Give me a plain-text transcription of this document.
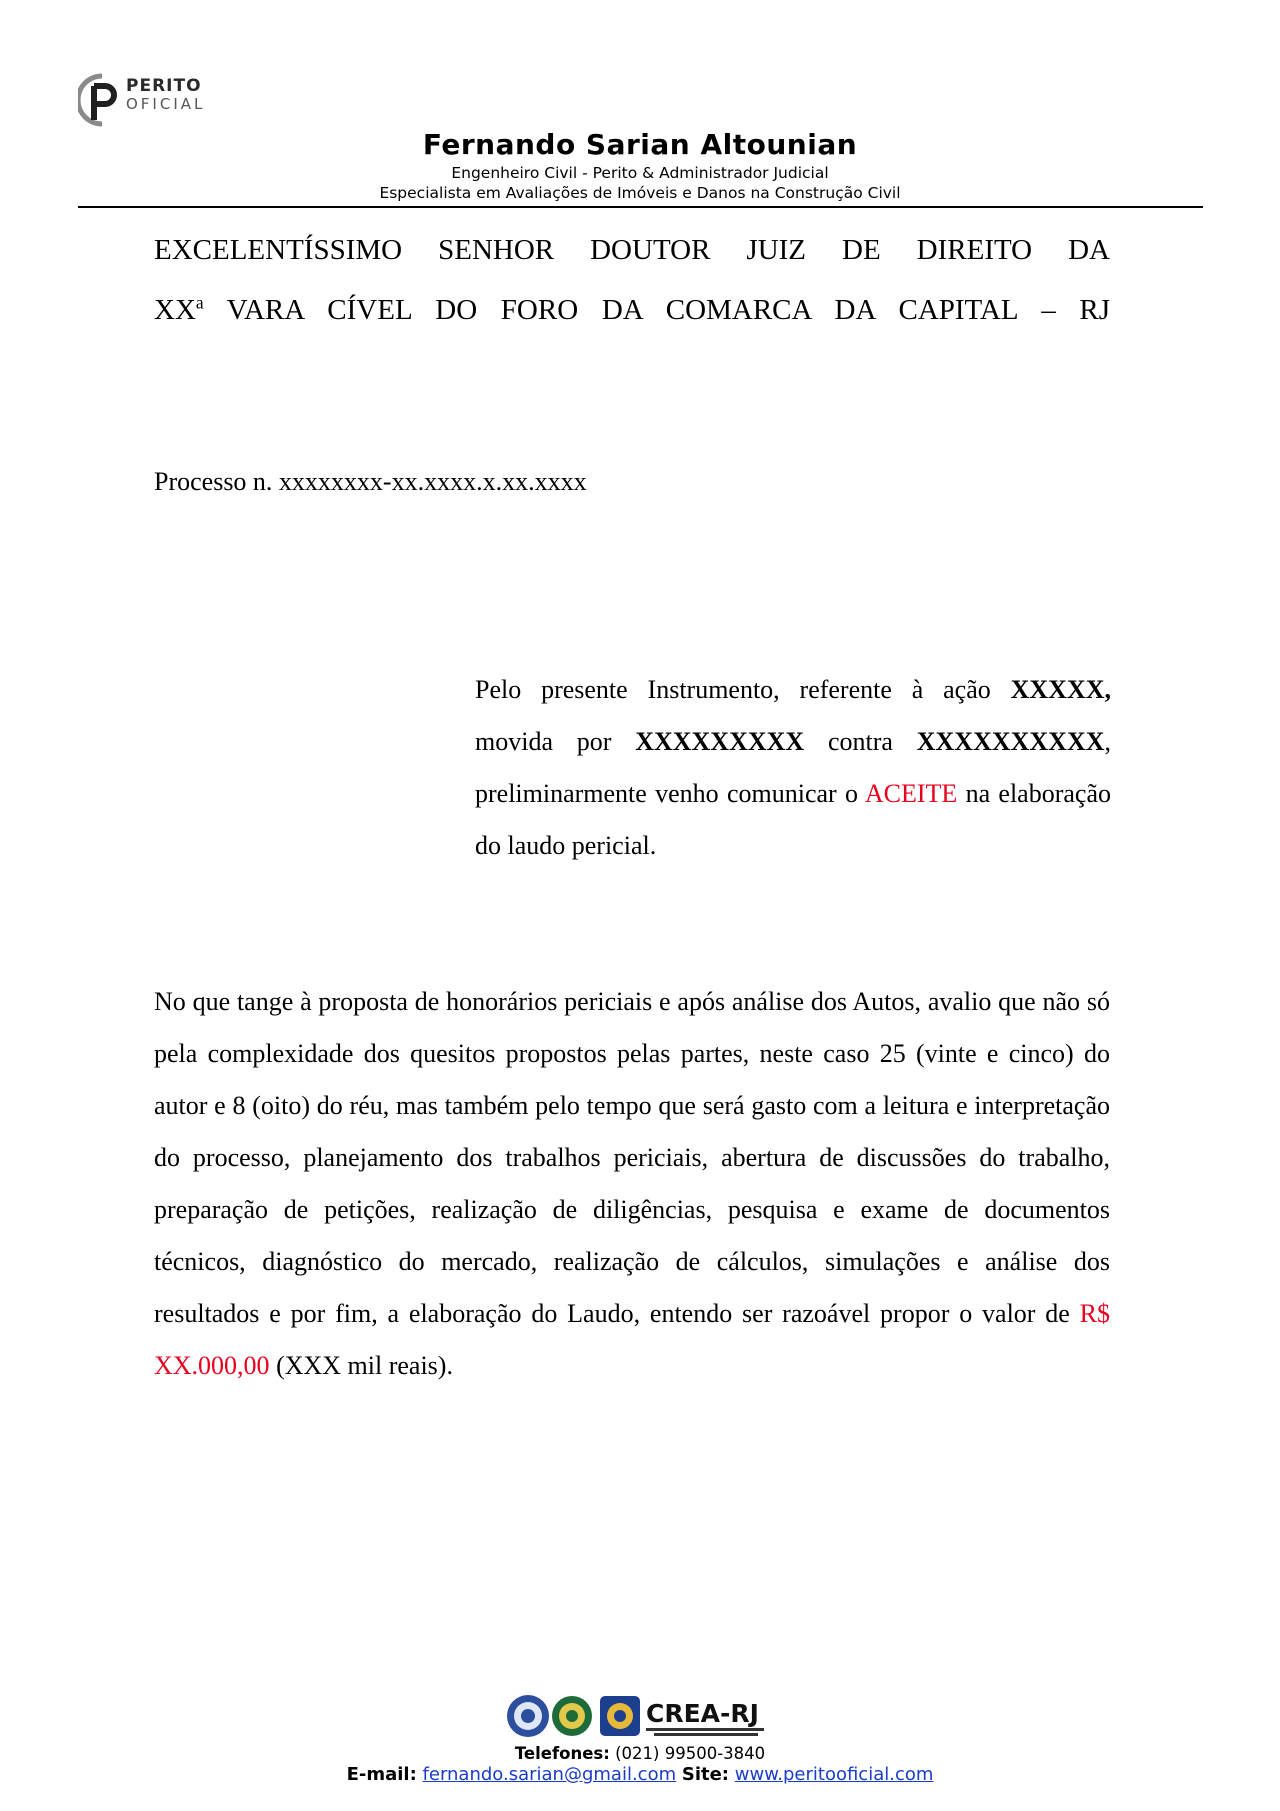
PERITO
OFICIAL
Fernando Sarian Altounian
Engenheiro Civil - Perito & Administrador Judicial
Especialista em Avaliações de Imóveis e Danos na Construção Civil
EXCELENTÍSSIMO SENHOR DOUTOR JUIZ DE DIREITO DA
$XX^a$ VARA CÍVEL DO FORO DA COMARCA DA CAPITAL – RJ
Processo n. xxxxxxxx-xx.xxxx.x.xx.xxxx
Pelo presente Instrumento, referente à ação XXXXX, movida por XXXXXXXXX contra XXXXXXXXXX, preliminarmente venho comunicar o ACEITE na elaboração do laudo pericial.
No que tange à proposta de honorários periciais e após análise dos Autos, avalio que não só pela complexidade dos quesitos propostos pelas partes, neste caso 25 (vinte e cinco) do autor e 8 (oito) do réu, mas também pelo tempo que será gasto com a leitura e interpretação do processo, planejamento dos trabalhos periciais, abertura de discussões do trabalho, preparação de petições, realização de diligências, pesquisa e exame de documentos técnicos, diagnóstico do mercado, realização de cálculos, simulações e análise dos resultados e por fim, a elaboração do Laudo, entendo ser razoável propor o valor de R$ XX.000,00 (XXX mil reais).
CREA-RJ
Telefones: (021) 99500-3840
E-mail: fernando.sarian@gmail.com Site: www.peritooficial.com
